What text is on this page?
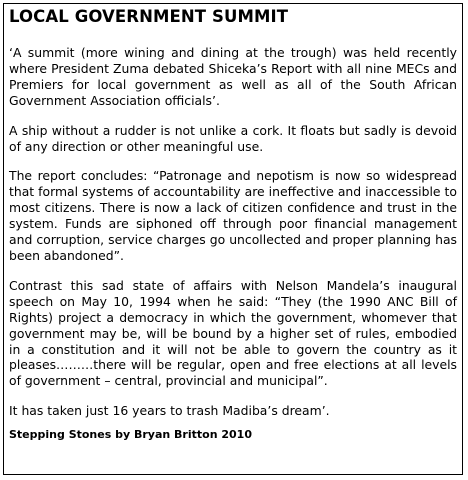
LOCAL GOVERNMENT SUMMIT

‘A summit (more wining and dining at the trough) was held recently where President Zuma debated Shiceka’s Report with all nine MECs and Premiers for local government as well as all of the South African Government Association officials’.

A ship without a rudder is not unlike a cork. It floats but sadly is devoid of any direction or other meaningful use.

The report concludes: “Patronage and nepotism is now so widespread that formal systems of accountability are ineffective and inaccessible to most citizens. There is now a lack of citizen confidence and trust in the system. Funds are siphoned off through poor financial management and corruption, service charges go uncollected and proper planning has been abandoned”.

Contrast this sad state of affairs with Nelson Mandela’s inaugural speech on May 10, 1994 when he said: “They (the 1990 ANC Bill of Rights) project a democracy in which the government, whomever that government may be, will be bound by a higher set of rules, embodied in a constitution and it will not be able to govern the country as it pleases………there will be regular, open and free elections at all levels of government – central, provincial and municipal”.

It has taken just 16 years to trash Madiba’s dream’.

Stepping Stones by Bryan Britton 2010
